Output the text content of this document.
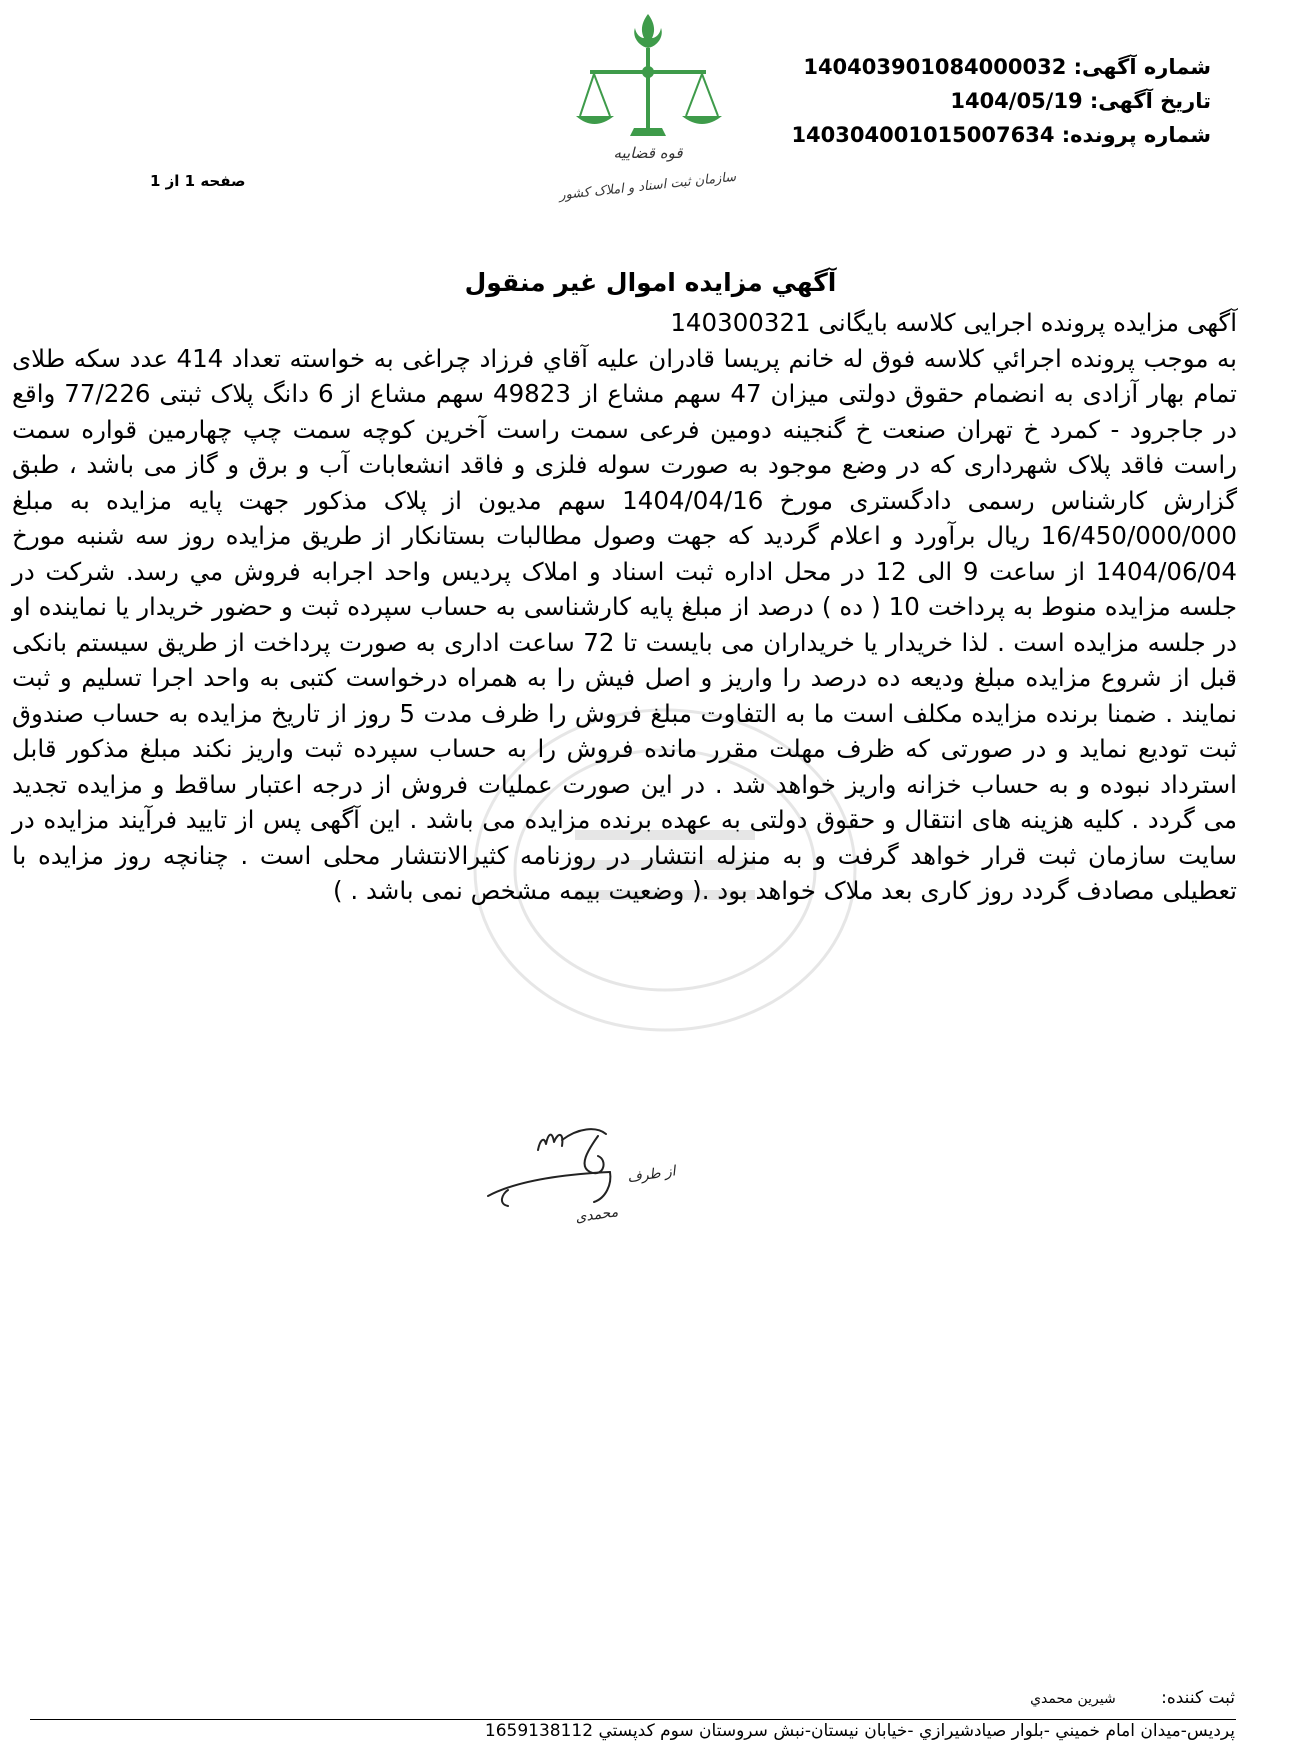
شماره آگهی: 140403901084000032
تاریخ آگهی: 1404/05/19
شماره پرونده: 140304001015007634
قوه قضاییه
سازمان ثبت اسناد و املاک کشور
صفحه 1 از 1
آگهي مزايده اموال غير منقول

آگهی مزایده پرونده اجرایی کلاسه بایگانی 140300321

به موجب پرونده اجرائي كلاسه فوق له خانم پريسا قادران عليه آقاي فرزاد چراغی به خواسته تعداد 414 عدد سکه طلای تمام بهار آزادی به انضمام حقوق دولتی میزان 47 سهم مشاع از 49823 سهم مشاع از 6 دانگ پلاک ثبتی 77/226 واقع در جاجرود - کمرد خ تهران صنعت خ گنجینه دومین فرعی سمت راست آخرین کوچه سمت چپ چهارمین قواره سمت راست فاقد پلاک شهرداری که در وضع موجود به صورت سوله فلزی و فاقد انشعابات آب و برق و گاز می باشد ، طبق گزارش کارشناس رسمی دادگستری مورخ 1404/04/16 سهم مدیون از پلاک مذکور جهت پایه مزایده به مبلغ 16/450/000/000 ریال برآورد و اعلام گردید که جهت وصول مطالبات بستانکار از طریق مزایده روز سه شنبه مورخ 1404/06/04 از ساعت 9 الی 12 در محل اداره ثبت اسناد و املاک پردیس واحد اجرابه فروش مي رسد. شرکت در جلسه مزایده منوط به پرداخت 10 ( ده ) درصد از مبلغ پایه کارشناسی به حساب سپرده ثبت و حضور خریدار یا نماینده او در جلسه مزایده است . لذا خریدار یا خریداران می بایست تا 72 ساعت اداری به صورت پرداخت از طریق سیستم بانکی قبل از شروع مزایده مبلغ ودیعه ده درصد را واریز و اصل فیش را به همراه درخواست کتبی به واحد اجرا تسلیم و ثبت نمایند . ضمنا برنده مزایده مکلف است ما به التفاوت مبلغ فروش را ظرف مدت 5 روز از تاریخ مزایده به حساب صندوق ثبت تودیع نماید و در صورتی که ظرف مهلت مقرر مانده فروش را به حساب سپرده ثبت واریز نکند مبلغ مذکور قابل استرداد نبوده و به حساب خزانه واریز خواهد شد . در این صورت عملیات فروش از درجه اعتبار ساقط و مزایده تجدید می گردد . کلیه هزینه های انتقال و حقوق دولتی به عهده برنده مزایده می باشد . این آگهی پس از تایید فرآیند مزایده در سایت سازمان ثبت قرار خواهد گرفت و به منزله انتشار در روزنامه کثیرالانتشار محلی است . چنانچه روز مزایده با تعطیلی مصادف گردد روز کاری بعد ملاک خواهد بود .( وضعیت بیمه مشخص نمی باشد . )

از طرف
محمدی
ثبت کننده: شيرين محمدي
پرديس-ميدان امام خميني -بلوار صيادشيرازي -خيابان نيستان-نبش سروستان سوم کدپستي 1659138112
